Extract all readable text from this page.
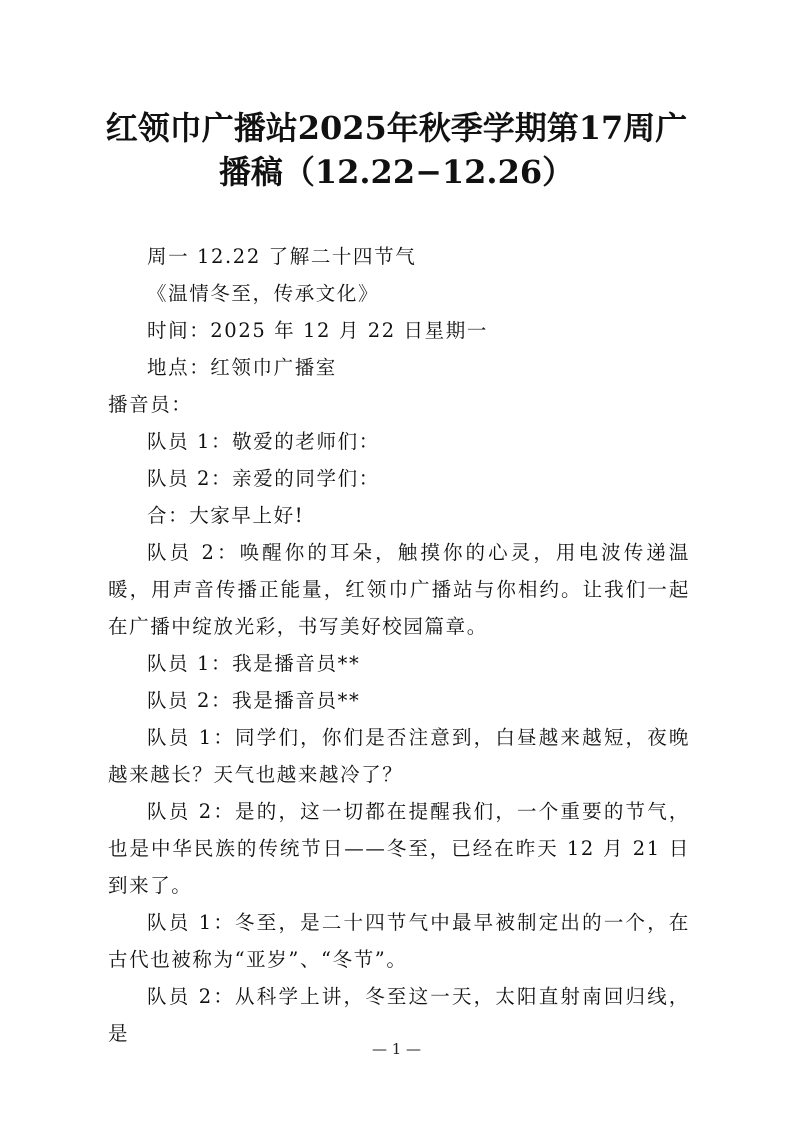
红领巾广播站2025年秋季学期第17周广
播稿（12.22−12.26）

周一 12.22 了解二十四节气

《温情冬至，传承文化》

时间：2025 年 12 月 22 日星期一

地点：红领巾广播室

播音员：

队员 1：敬爱的老师们：

队员 2：亲爱的同学们：

合：大家早上好!

队员 2：唤醒你的耳朵，触摸你的心灵，用电波传递温暖，用声音传播正能量，红领巾广播站与你相约。让我们一起在广播中绽放光彩，书写美好校园篇章。

队员 1：我是播音员**

队员 2：我是播音员**

队员 1：同学们，你们是否注意到，白昼越来越短，夜晚越来越长？天气也越来越冷了？

队员 2：是的，这一切都在提醒我们，一个重要的节气，也是中华民族的传统节日——冬至，已经在昨天 12 月 21 日到来了。

队员 1：冬至，是二十四节气中最早被制定出的一个，在古代也被称为“亚岁”、“冬节”。

队员 2：从科学上讲，冬至这一天，太阳直射南回归线，是

— 1 —
